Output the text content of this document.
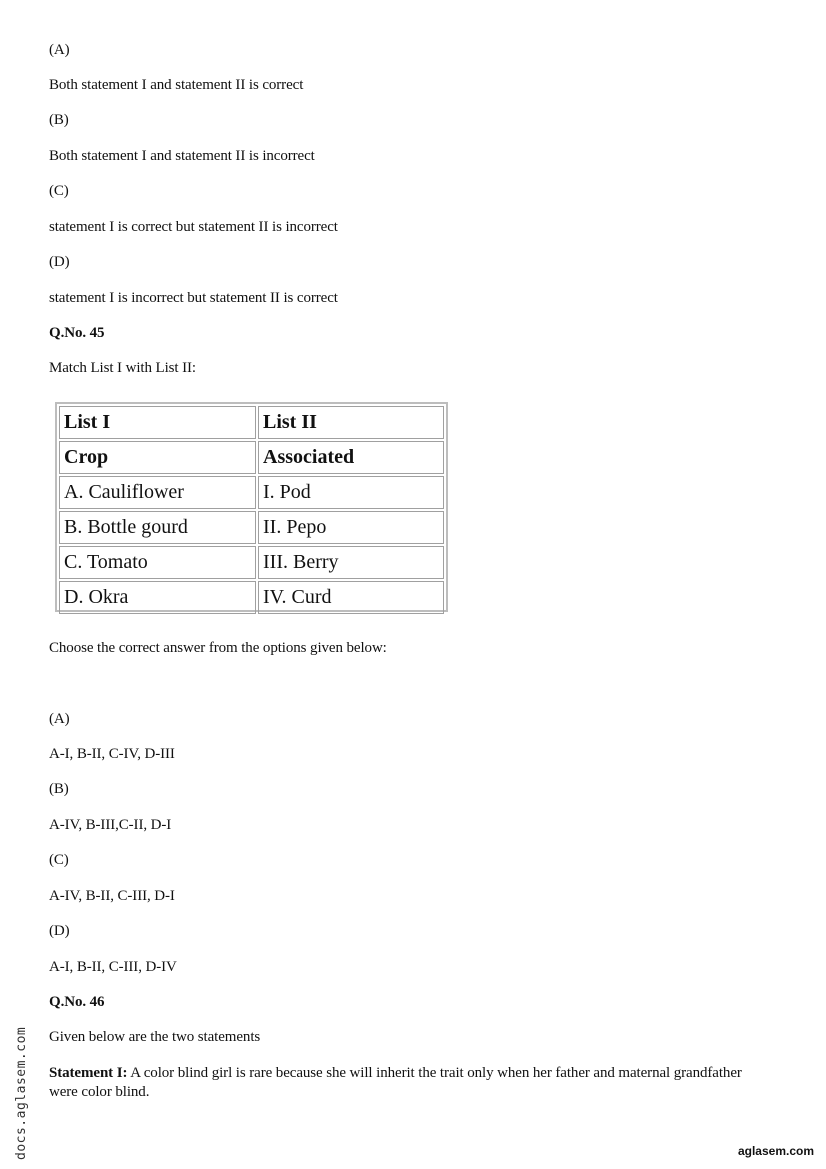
(A)
Both statement I and statement II is correct
(B)
Both statement I and statement II is incorrect
(C)
statement I is correct but statement II is incorrect
(D)
statement I is incorrect but statement II is correct
Q.No. 45
Match List I with List II:
List I	List II
Crop	Associated
A. Cauliflower	I. Pod
B. Bottle gourd	II. Pepo
C. Tomato	III. Berry
D. Okra	IV. Curd
Choose the correct answer from the options given below:
(A)
A-I, B-II, C-IV, D-III
(B)
A-IV, B-III,C-II, D-I
(C)
A-IV, B-II, C-III, D-I
(D)
A-I, B-II, C-III, D-IV
Q.No. 46
Given below are the two statements
Statement I: A color blind girl is rare because she will inherit the trait only when her father and maternal grandfather were color blind.
docs.aglasem.com	aglasem.com
